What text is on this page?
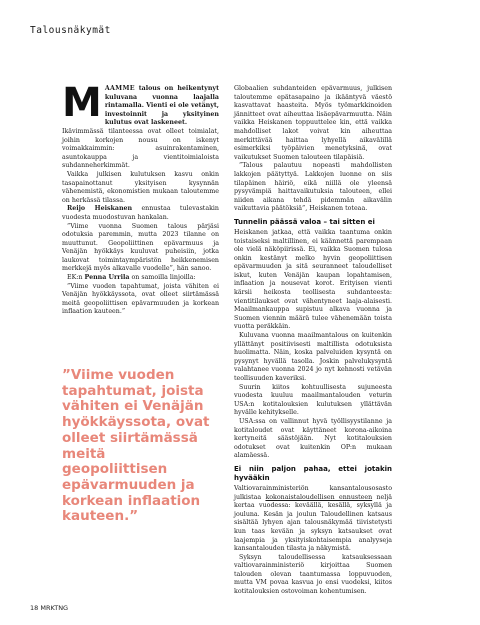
Talousnäkymät

MAAMME talous on heikentynyt kuluvana vuonna laajalla rintamalla. Vienti ei ole vetänyt, investoinnit ja yksityinen kulutus ovat laskeneet.

Ikävimmässä tilanteessa ovat olleet toimialat, joihin korkojen nousu on iskenyt voimakkaimmin: asuinrakentaminen, asuntokauppa ja vientitoimialoista suhdanneherkimmät.

Vaikka julkisen kulutuksen kasvu onkin tasapainottanut yksityisen kysynnän vähenemistä, ekonomistien mukaan taloutemme on herkässä tilassa.

Reijo Heiskanen ennustaa tulevastakin vuodesta muodostuvan hankalan.

”Viime vuonna Suomen talous pärjäsi odotuksia paremmin, mutta 2023 tilanne on muuttunut. Geopoliittinen epävarmuus ja Venäjän hyökkäys kuuluvat puheisiin, jotka laukovat toimintaympäristön heikkenemisen merkkejä myös alkavalle vuodelle”, hän sanoo.

EK:n Penna Urrila on samoilla linjoilla:

”Viime vuoden tapahtumat, joista vähiten ei Venäjän hyökkäyssota, ovat olleet siirtämässä meitä geopoliittisen epävarmuuden ja korkean inflaation kauteen.”

”Viime vuoden tapahtumat, joista vähiten ei Venäjän hyökkäyssota, ovat olleet siirtämässä meitä geopoliittisen epävarmuuden ja korkean inflaation kauteen.”

Globaalien suhdanteiden epävarmuus, julkisen taloutemme epätasapaino ja ikääntyvä väestö kasvattavat haasteita. Myös työmarkkinoiden jännitteet ovat aiheuttaa lisäepävarmuutta. Näin vaikka Heiskanen toppuuttelee kin, että vaikka mahdolliset lakot voivat kin aiheuttaa merkittävää haittaa lyhyellä aikavälillä esimerkiksi työpäivien menetyksinä, ovat vaikutukset Suomen talouteen tilapäisiä.

”Talous palautuu nopeasti mahdollisten lakkojen päätyttyä. Lakkojen luonne on siis tilapäinen häiriö, eikä niillä ole yleensä pysyvämpiä haittavaikutuksia talouteen, ellei niiden aikana tehdä pidemmän aikavälin vaikuttavia päätöksiä”, Heiskanen toteaa.

Tunnelin päässä valoa – tai sitten ei

Heiskanen jatkaa, että vaikka taantuma onkin toistaiseksi maltillinen, ei käännettä parempaan ole vielä näköpiirissä. Ei, vaikka Suomen tulosa onkin kestänyt melko hyvin geopoliittisen epävarmuuden ja sitä seuranneet taloudelliset iskut, kuten Venäjän kaupan lopahtamisen, inflaation ja nousevat korot. Erityisen vienti kärsii heikosta teollisesta suhdanteesta: vientitilaukset ovat vähentyneet laaja-alaisesti. Maailmankauppa supistuu alkava vuonna ja Suomen viennin määrä tulee vähenemään toista vuotta peräkkäin.

Kuluvana vuonna maailmantalous on kuitenkin yllättänyt positiivisesti maltillista odotuksista huolimatta. Näin, koska palveluiden kysyntä on pysynyt hyvällä tasolla. Joskin palvelukysyntä valahtanee vuonna 2024 jo nyt kehnosti vetävän teollisuuden kaveriksi.

Suurin kiitos kohtuullisesta sujuneesta vuodesta kuuluu maailmantalouden veturin USA:n kotitalouksien kulutuksen yllättävän hyvälle kehitykselle.

USA:ssa on vallinnut hyvä työllisyystilanne ja kotitaloudet ovat käyttäneet korona-aikoina kertyneitä säästöjään. Nyt kotitalouksien odotukset ovat kuitenkin OP:n mukaan alamäessä.

Ei niin paljon pahaa, ettei jotakin hyvääkin

Valtiovarainministeriön kansantalousosasto julkistaa kokonaistaloudellisen ennusteen neljä kertaa vuodessa: keväällä, kesällä, syksyllä ja joulunа. Kesän ja joulun Taloudellinen katsaus sisältää lyhyen ajan talousnäkymää tiivistetysti kun taas kevään ja syksyn katsaukset ovat laajempia ja yksityiskohtaisempia analyyseja kansantalouden tilasta ja näkymistä.

Syksyn taloudellisessa katsauksessaan valtiovarainministeriö kirjoittaa Suomen talouden olevan taantumassa loppuvuoden, mutta VM povaa kasvua jo ensi vuodeksi, kiitos kotitalouksien ostovoiman kohentumisen.

18 MRKTNG
